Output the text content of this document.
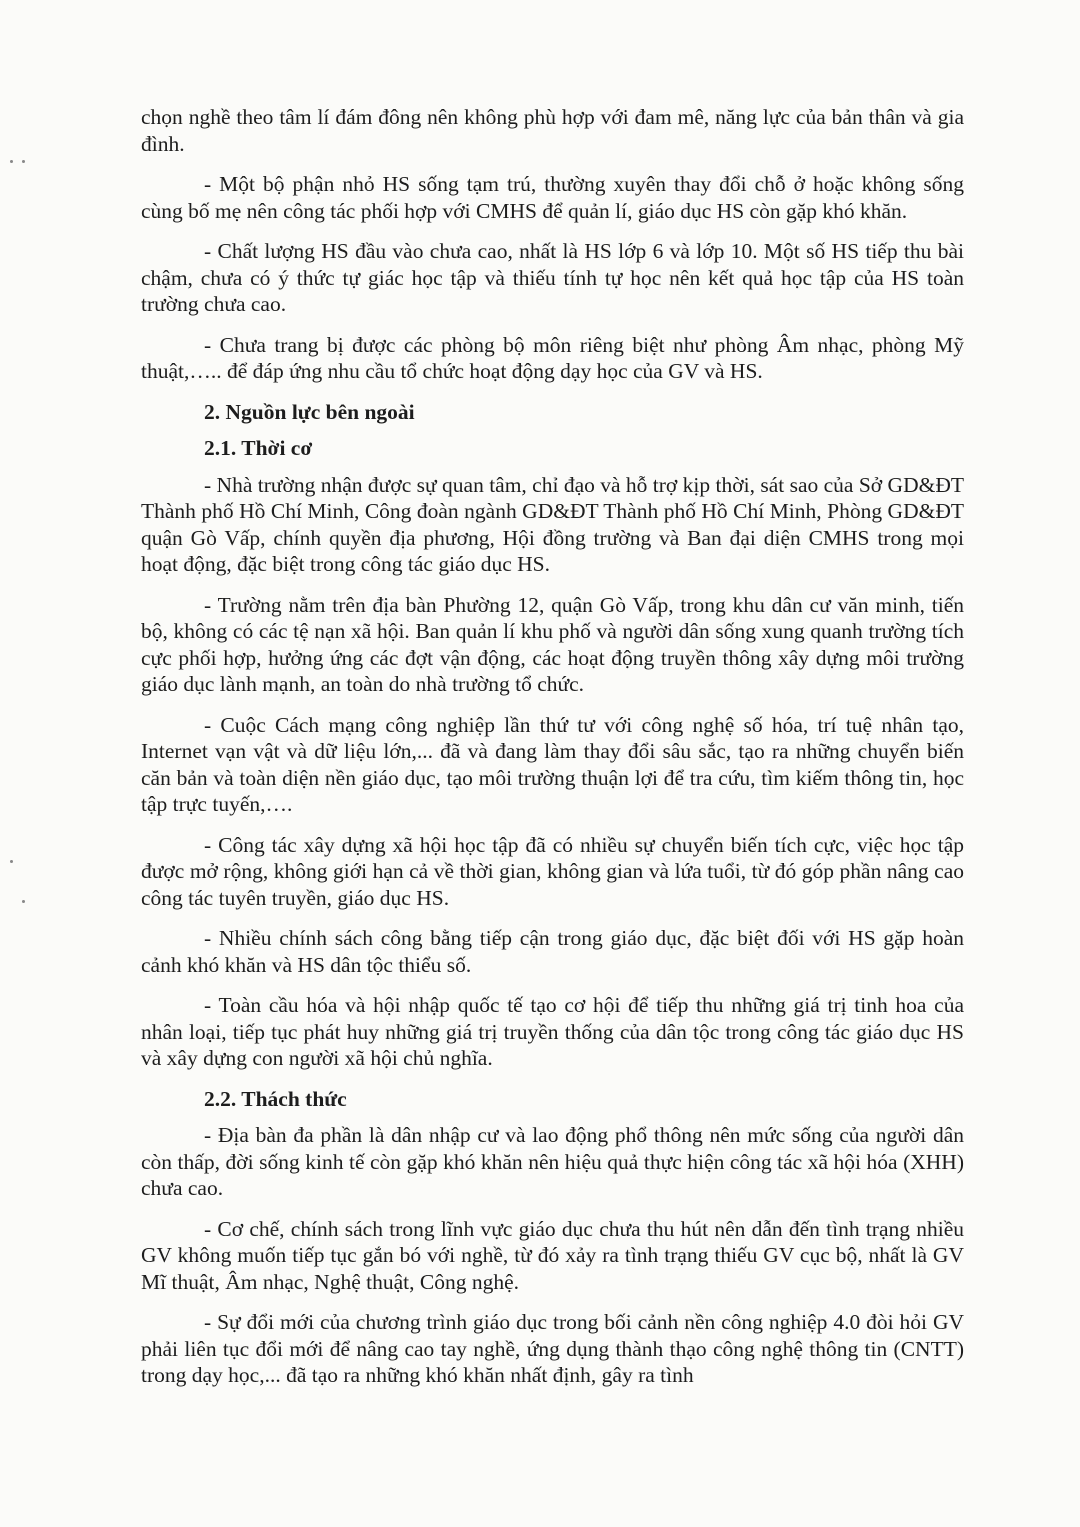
chọn nghề theo tâm lí đám đông nên không phù hợp với đam mê, năng lực của bản thân và gia đình.

- Một bộ phận nhỏ HS sống tạm trú, thường xuyên thay đổi chỗ ở hoặc không sống cùng bố mẹ nên công tác phối hợp với CMHS để quản lí, giáo dục HS còn gặp khó khăn.

- Chất lượng HS đầu vào chưa cao, nhất là HS lớp 6 và lớp 10. Một số HS tiếp thu bài chậm, chưa có ý thức tự giác học tập và thiếu tính tự học nên kết quả học tập của HS toàn trường chưa cao.

- Chưa trang bị được các phòng bộ môn riêng biệt như phòng Âm nhạc, phòng Mỹ thuật,….. để đáp ứng nhu cầu tổ chức hoạt động dạy học của GV và HS.

2. Nguồn lực bên ngoài
2.1. Thời cơ

- Nhà trường nhận được sự quan tâm, chỉ đạo và hỗ trợ kịp thời, sát sao của Sở GD&ĐT Thành phố Hồ Chí Minh, Công đoàn ngành GD&ĐT Thành phố Hồ Chí Minh, Phòng GD&ĐT quận Gò Vấp, chính quyền địa phương, Hội đồng trường và Ban đại diện CMHS trong mọi hoạt động, đặc biệt trong công tác giáo dục HS.

- Trường nằm trên địa bàn Phường 12, quận Gò Vấp, trong khu dân cư văn minh, tiến bộ, không có các tệ nạn xã hội. Ban quản lí khu phố và người dân sống xung quanh trường tích cực phối hợp, hưởng ứng các đợt vận động, các hoạt động truyền thông xây dựng môi trường giáo dục lành mạnh, an toàn do nhà trường tổ chức.

- Cuộc Cách mạng công nghiệp lần thứ tư với công nghệ số hóa, trí tuệ nhân tạo, Internet vạn vật và dữ liệu lớn,... đã và đang làm thay đổi sâu sắc, tạo ra những chuyển biến căn bản và toàn diện nền giáo dục, tạo môi trường thuận lợi để tra cứu, tìm kiếm thông tin, học tập trực tuyến,….

- Công tác xây dựng xã hội học tập đã có nhiều sự chuyển biến tích cực, việc học tập được mở rộng, không giới hạn cả về thời gian, không gian và lứa tuổi, từ đó góp phần nâng cao công tác tuyên truyền, giáo dục HS.

- Nhiều chính sách công bằng tiếp cận trong giáo dục, đặc biệt đối với HS gặp hoàn cảnh khó khăn và HS dân tộc thiểu số.

- Toàn cầu hóa và hội nhập quốc tế tạo cơ hội để tiếp thu những giá trị tinh hoa của nhân loại, tiếp tục phát huy những giá trị truyền thống của dân tộc trong công tác giáo dục HS và xây dựng con người xã hội chủ nghĩa.

2.2. Thách thức

- Địa bàn đa phần là dân nhập cư và lao động phổ thông nên mức sống của người dân còn thấp, đời sống kinh tế còn gặp khó khăn nên hiệu quả thực hiện công tác xã hội hóa (XHH) chưa cao.

- Cơ chế, chính sách trong lĩnh vực giáo dục chưa thu hút nên dẫn đến tình trạng nhiều GV không muốn tiếp tục gắn bó với nghề, từ đó xảy ra tình trạng thiếu GV cục bộ, nhất là GV Mĩ thuật, Âm nhạc, Nghệ thuật, Công nghệ.

- Sự đổi mới của chương trình giáo dục trong bối cảnh nền công nghiệp 4.0 đòi hỏi GV phải liên tục đổi mới để nâng cao tay nghề, ứng dụng thành thạo công nghệ thông tin (CNTT) trong dạy học,... đã tạo ra những khó khăn nhất định, gây ra tình
